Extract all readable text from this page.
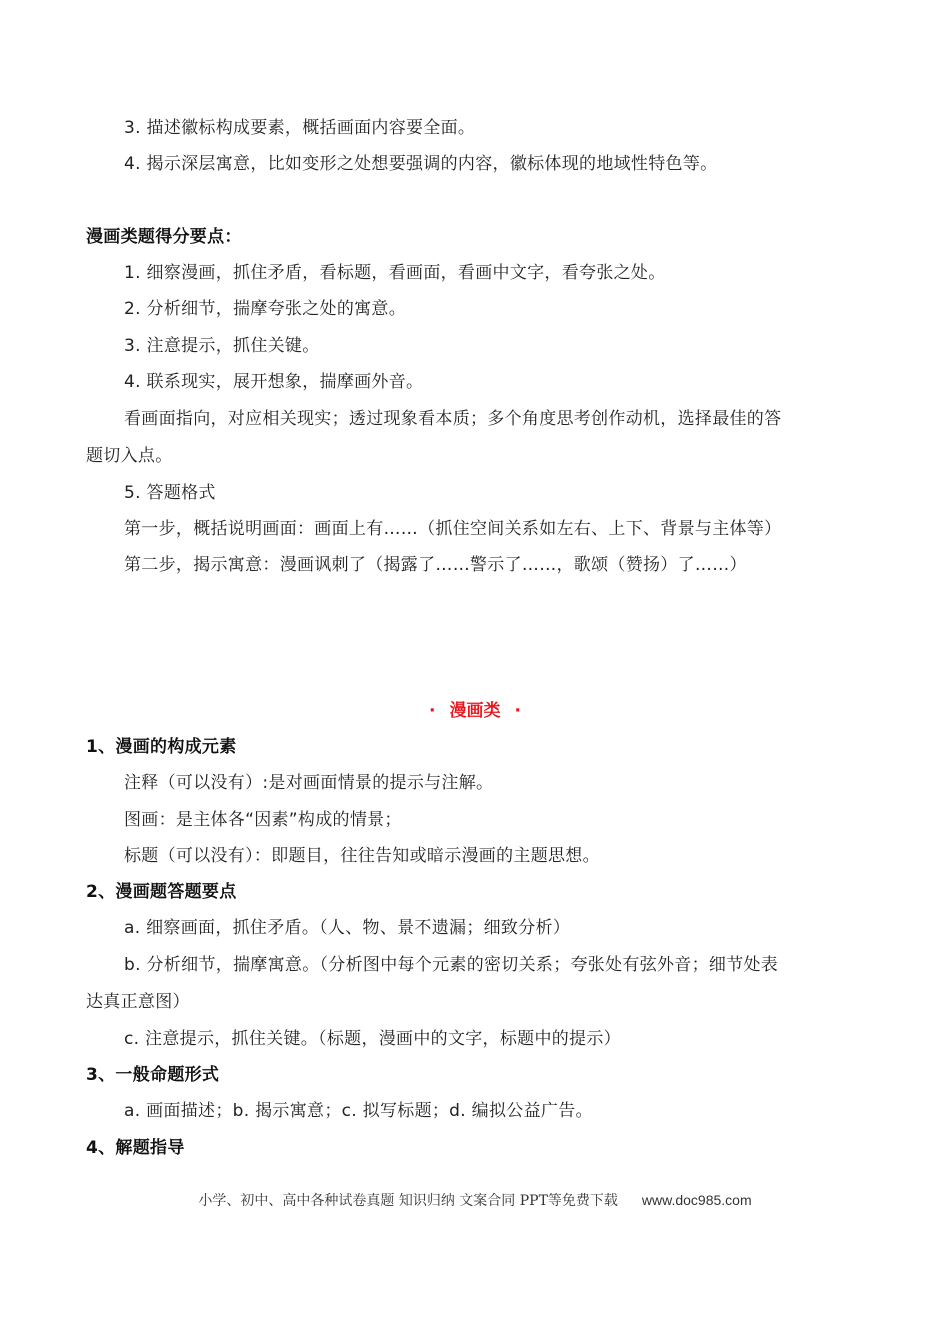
3. 描述徽标构成要素，概括画面内容要全面。
4. 揭示深层寓意，比如变形之处想要强调的内容，徽标体现的地域性特色等。
漫画类题得分要点：
1. 细察漫画，抓住矛盾，看标题，看画面，看画中文字，看夸张之处。
2. 分析细节，揣摩夸张之处的寓意。
3. 注意提示，抓住关键。
4. 联系现实，展开想象，揣摩画外音。
看画面指向，对应相关现实；透过现象看本质；多个角度思考创作动机，选择最佳的答
题切入点。
5. 答题格式
第一步，概括说明画面：画面上有……（抓住空间关系如左右、上下、背景与主体等）
第二步，揭示寓意：漫画讽刺了（揭露了……警示了……，歌颂（赞扬）了……）
· 漫画类 ·
1、漫画的构成元素
注释（可以没有）:是对画面情景的提示与注解。
图画：是主体各“因素”构成的情景；
标题（可以没有）：即题目，往往告知或暗示漫画的主题思想。
2、漫画题答题要点
a. 细察画面，抓住矛盾。（人、物、景不遗漏；细致分析）
b. 分析细节，揣摩寓意。（分析图中每个元素的密切关系；夸张处有弦外音；细节处表
达真正意图）
c. 注意提示，抓住关键。（标题，漫画中的文字，标题中的提示）
3、一般命题形式
a. 画面描述；b. 揭示寓意；c. 拟写标题；d. 编拟公益广告。
4、解题指导
小学、初中、高中各种试卷真题 知识归纳 文案合同 PPT等免费下载 www.doc985.com
